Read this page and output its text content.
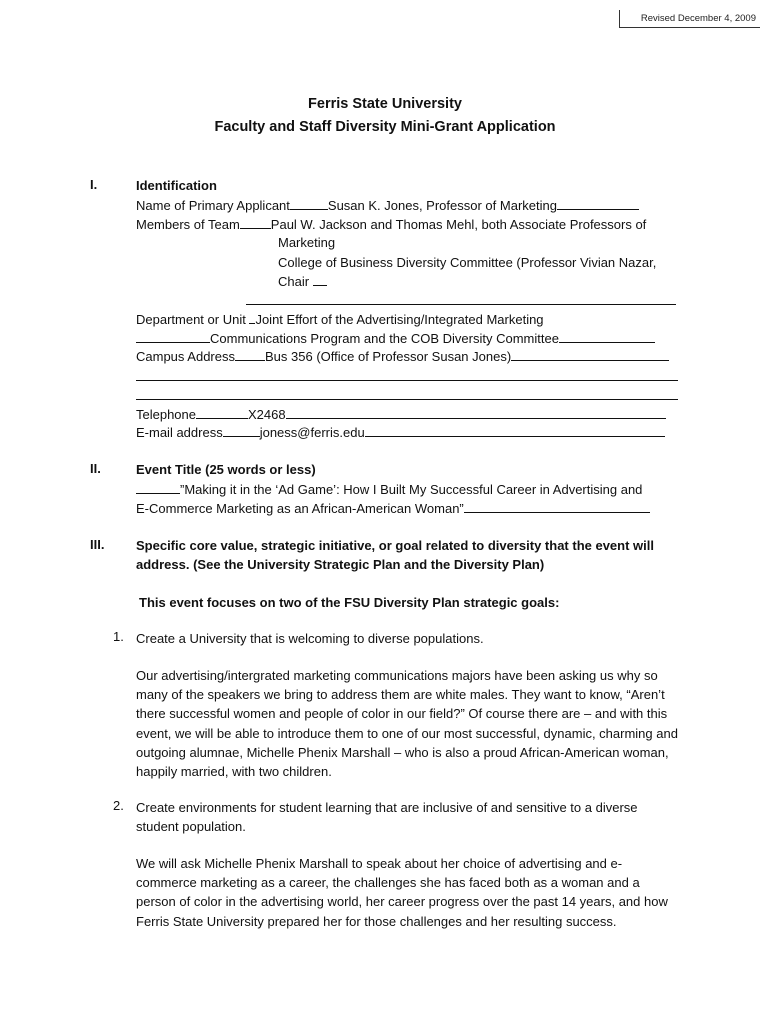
Revised December 4, 2009
Ferris State University
Faculty and Staff Diversity Mini-Grant Application
I.	Identification
Name of Primary Applicant	Susan K. Jones, Professor of Marketing
Members of Team Paul W. Jackson and Thomas Mehl, both Associate Professors of
Marketing
College of Business Diversity Committee (Professor Vivian Nazar,
Chair
Department or Unit Joint Effort of the Advertising/Integrated Marketing
Communications Program and the COB Diversity Committee
Campus Address Bus 356 (Office of Professor Susan Jones)
Telephone	X2468
E-mail address	joness@ferris.edu
II.	Event Title (25 words or less)
”Making it in the ‘Ad Game’: How I Built My Successful Career in Advertising and
E-Commerce Marketing as an African-American Woman”
III. Specific core value, strategic initiative, or goal related to diversity that the event will
address. (See the University Strategic Plan and the Diversity Plan)
This event focuses on two of the FSU Diversity Plan strategic goals:
1. Create a University that is welcoming to diverse populations.
Our advertising/intergrated marketing communications majors have been asking us why so many of the speakers we bring to address them are white males. They want to know, “Aren’t there successful women and people of color in our field?” Of course there are – and with this event, we will be able to introduce them to one of our most successful, dynamic, charming and outgoing alumnae, Michelle Phenix Marshall – who is also a proud African-American woman, happily married, with two children.
2. Create environments for student learning that are inclusive of and sensitive to a diverse
student population.
We will ask Michelle Phenix Marshall to speak about her choice of advertising and e-commerce marketing as a career, the challenges she has faced both as a woman and a person of color in the advertising world, her career progress over the past 14 years, and how Ferris State University prepared her for those challenges and her resulting success.
